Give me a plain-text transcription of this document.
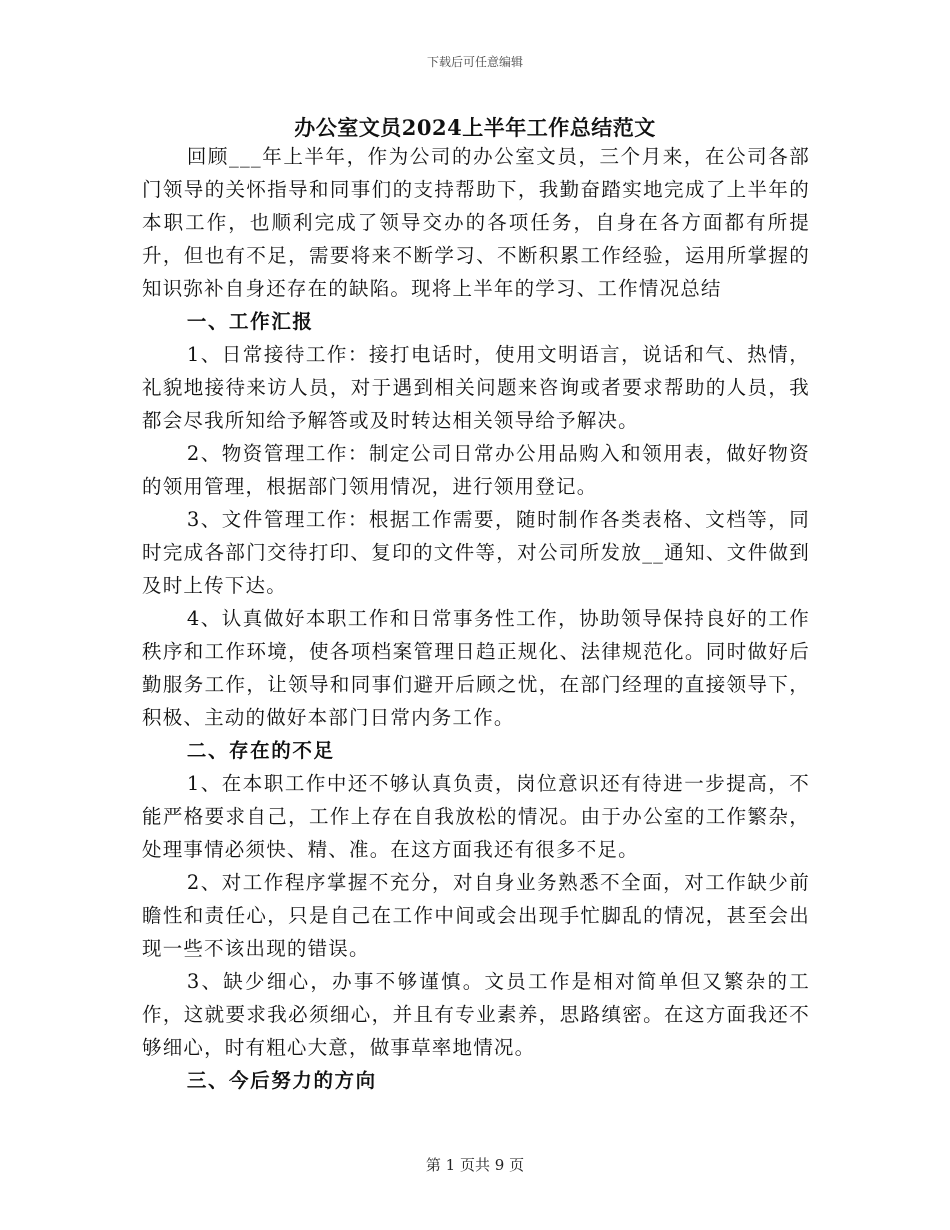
下载后可任意编辑
办公室文员2024上半年工作总结范文

回顾___年上半年，作为公司的办公室文员，三个月来，在公司各部门领导的关怀指导和同事们的支持帮助下，我勤奋踏实地完成了上半年的本职工作，也顺利完成了领导交办的各项任务，自身在各方面都有所提升，但也有不足，需要将来不断学习、不断积累工作经验，运用所掌握的知识弥补自身还存在的缺陷。现将上半年的学习、工作情况总结

一、工作汇报

1、日常接待工作：接打电话时，使用文明语言，说话和气、热情，礼貌地接待来访人员，对于遇到相关问题来咨询或者要求帮助的人员，我都会尽我所知给予解答或及时转达相关领导给予解决。

2、物资管理工作：制定公司日常办公用品购入和领用表，做好物资的领用管理，根据部门领用情况，进行领用登记。

3、文件管理工作：根据工作需要，随时制作各类表格、文档等，同时完成各部门交待打印、复印的文件等，对公司所发放__通知、文件做到及时上传下达。

4、认真做好本职工作和日常事务性工作，协助领导保持良好的工作秩序和工作环境，使各项档案管理日趋正规化、法律规范化。同时做好后勤服务工作，让领导和同事们避开后顾之忧，在部门经理的直接领导下，积极、主动的做好本部门日常内务工作。

二、存在的不足

1、在本职工作中还不够认真负责，岗位意识还有待进一步提高，不能严格要求自己，工作上存在自我放松的情况。由于办公室的工作繁杂，处理事情必须快、精、准。在这方面我还有很多不足。

2、对工作程序掌握不充分，对自身业务熟悉不全面，对工作缺少前瞻性和责任心，只是自己在工作中间或会出现手忙脚乱的情况，甚至会出现一些不该出现的错误。

3、缺少细心，办事不够谨慎。文员工作是相对简单但又繁杂的工作，这就要求我必须细心，并且有专业素养，思路缜密。在这方面我还不够细心，时有粗心大意，做事草率地情况。

三、今后努力的方向

第 1 页共 9 页
